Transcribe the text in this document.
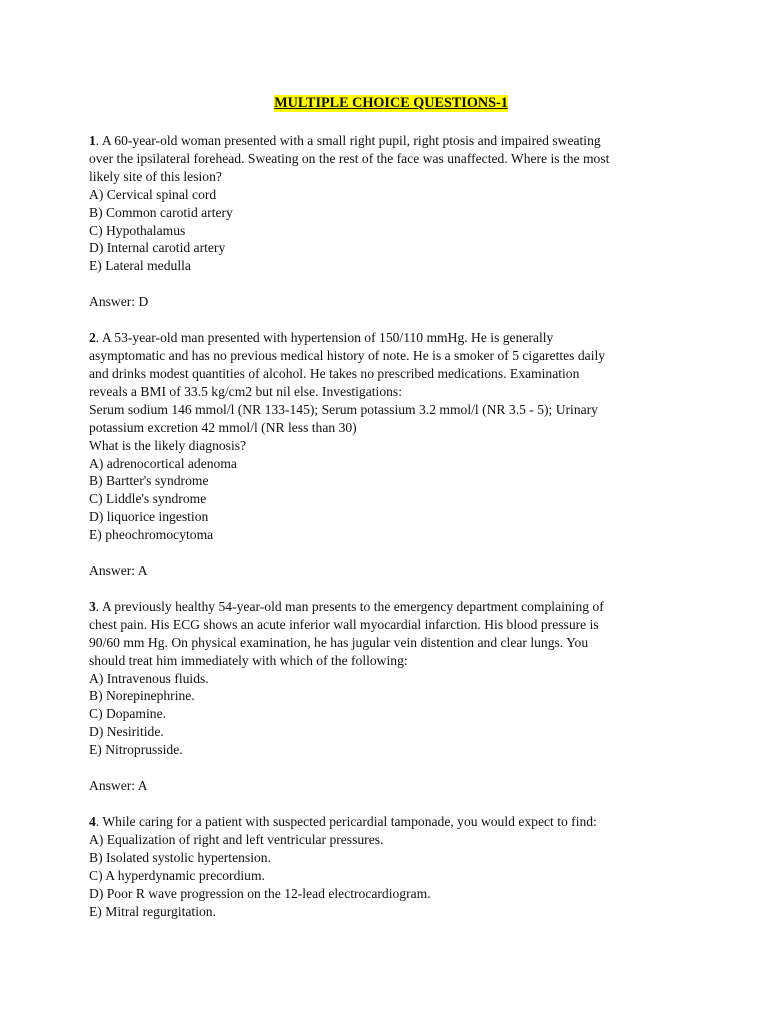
MULTIPLE CHOICE QUESTIONS-1
1. A 60-year-old woman presented with a small right pupil, right ptosis and impaired sweating
over the ipsilateral forehead. Sweating on the rest of the face was unaffected. Where is the most
likely site of this lesion?
A) Cervical spinal cord
B) Common carotid artery
C) Hypothalamus
D) Internal carotid artery
E) Lateral medulla
Answer: D
2. A 53-year-old man presented with hypertension of 150/110 mmHg. He is generally
asymptomatic and has no previous medical history of note. He is a smoker of 5 cigarettes daily
and drinks modest quantities of alcohol. He takes no prescribed medications. Examination
reveals a BMI of 33.5 kg/cm2 but nil else. Investigations:
Serum sodium 146 mmol/l (NR 133-145); Serum potassium 3.2 mmol/l (NR 3.5 - 5); Urinary
potassium excretion 42 mmol/l (NR less than 30)
What is the likely diagnosis?
A) adrenocortical adenoma
B) Bartter's syndrome
C) Liddle's syndrome
D) liquorice ingestion
E) pheochromocytoma
Answer: A
3. A previously healthy 54-year-old man presents to the emergency department complaining of
chest pain. His ECG shows an acute inferior wall myocardial infarction. His blood pressure is
90/60 mm Hg. On physical examination, he has jugular vein distention and clear lungs. You
should treat him immediately with which of the following:
A) Intravenous fluids.
B) Norepinephrine.
C) Dopamine.
D) Nesiritide.
E) Nitroprusside.
Answer: A
4. While caring for a patient with suspected pericardial tamponade, you would expect to find:
A) Equalization of right and left ventricular pressures.
B) Isolated systolic hypertension.
C) A hyperdynamic precordium.
D) Poor R wave progression on the 12-lead electrocardiogram.
E) Mitral regurgitation.
